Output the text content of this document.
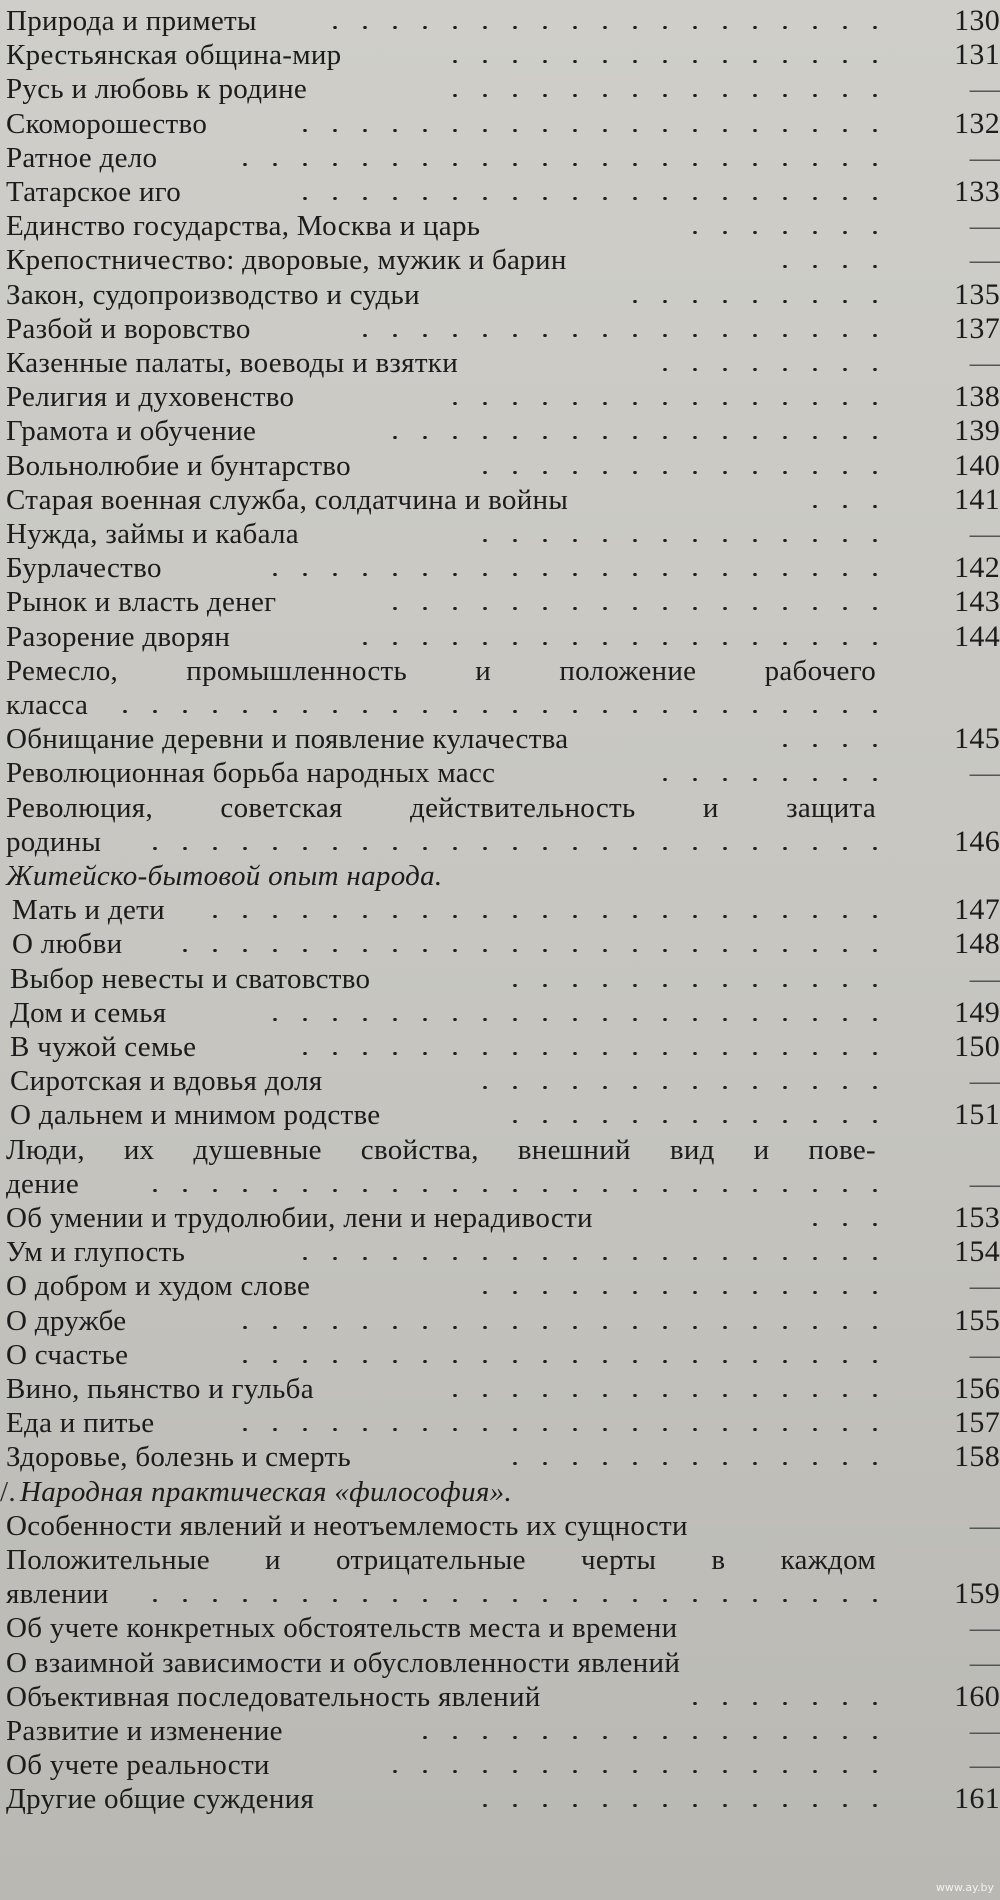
Природа и приметы	130
Крестьянская община-мир	131
Русь и любовь к родине	—
Скоморошество	132
Ратное дело	—
Татарское иго	133
Единство государства, Москва и царь	—
Крепостничество: дворовые, мужик и барин	—
Закон, судопроизводство и судьи	135
Разбой и воровство	137
Казенные палаты, воеводы и взятки	—
Религия и духовенство	138
Грамота и обучение	139
Вольнолюбие и бунтарство	140
Старая военная служба, солдатчина и войны	141
Нужда, займы и кабала	—
Бурлачество	142
Рынок и власть денег	143
Разорение дворян	144
Ремесло, промышленность и положение рабочего
класса
Обнищание деревни и появление кулачества	145
Революционная борьба народных масс	—
Революция, советская действительность и защита
родины	146
Житейско-бытовой опыт народа.
Мать и дети	147
О любви	148
Выбор невесты и сватовство	—
Дом и семья	149
В чужой семье	150
Сиротская и вдовья доля	—
О дальнем и мнимом родстве	151
Люди, их душевные свойства, внешний вид и пове-
дение	—
Об умении и трудолюбии, лени и нерадивости	153
Ум и глупость	154
О добром и худом слове	—
О дружбе	155
О счастье	—
Вино, пьянство и гульба	156
Еда и питье	157
Здоровье, болезнь и смерть	158
/. Народная практическая «философия».
Особенности явлений и неотъемлемость их сущности	—
Положительные и отрицательные черты в каждом
явлении	159
Об учете конкретных обстоятельств места и времени	—
О взаимной зависимости и обусловленности явлений	—
Объективная последовательность явлений	160
Развитие и изменение	—
Об учете реальности	—
Другие общие суждения	161
www.ay.by
